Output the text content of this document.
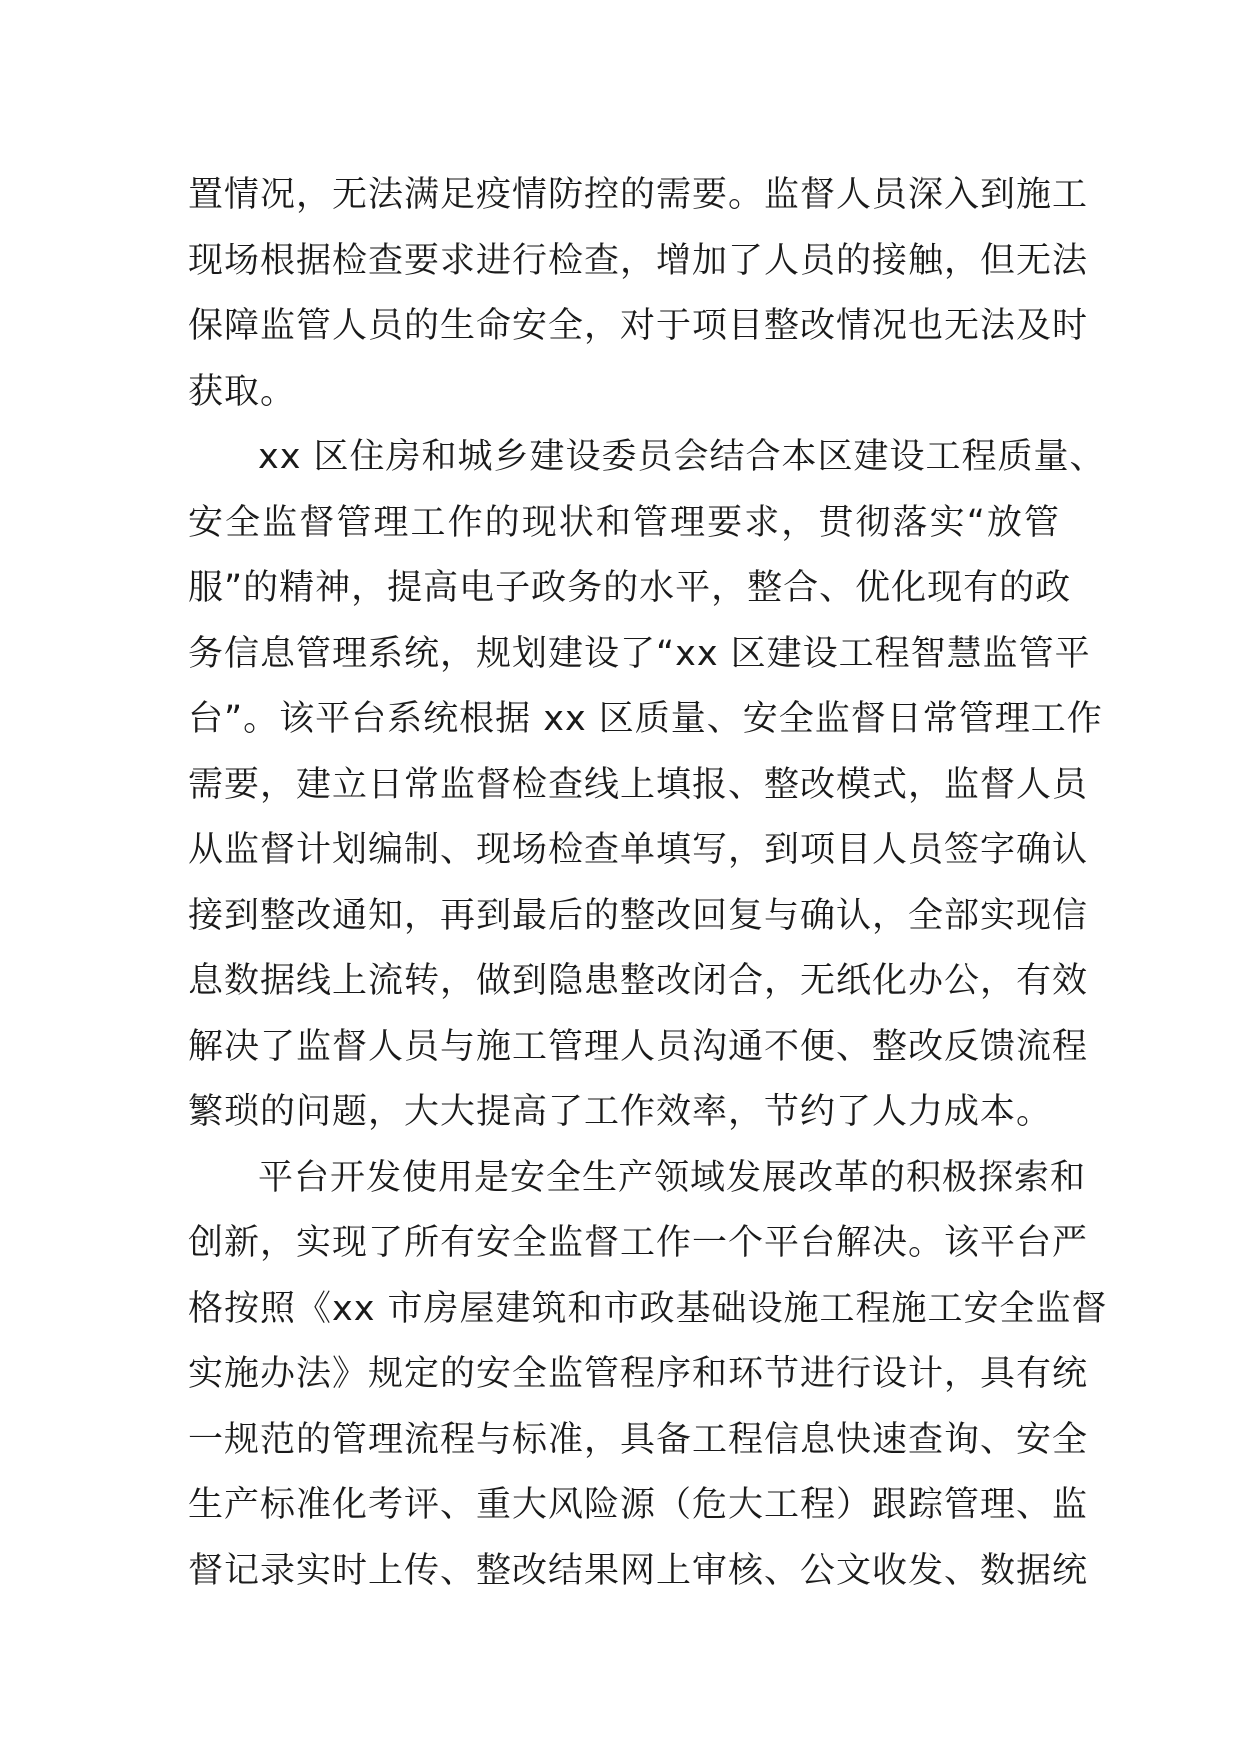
置情况，无法满足疫情防控的需要。监督人员深入到施工
现场根据检查要求进行检查，增加了人员的接触，但无法
保障监管人员的生命安全，对于项目整改情况也无法及时
获取。
xx 区住房和城乡建设委员会结合本区建设工程质量、
安全监督管理工作的现状和管理要求，贯彻落实“放管
服”的精神，提高电子政务的水平，整合、优化现有的政
务信息管理系统，规划建设了“xx 区建设工程智慧监管平
台”。该平台系统根据 xx 区质量、安全监督日常管理工作
需要，建立日常监督检查线上填报、整改模式，监督人员
从监督计划编制、现场检查单填写，到项目人员签字确认
接到整改通知，再到最后的整改回复与确认，全部实现信
息数据线上流转，做到隐患整改闭合，无纸化办公，有效
解决了监督人员与施工管理人员沟通不便、整改反馈流程
繁琐的问题，大大提高了工作效率，节约了人力成本。
平台开发使用是安全生产领域发展改革的积极探索和
创新，实现了所有安全监督工作一个平台解决。该平台严
格按照《xx 市房屋建筑和市政基础设施工程施工安全监督
实施办法》规定的安全监管程序和环节进行设计，具有统
一规范的管理流程与标准，具备工程信息快速查询、安全
生产标准化考评、重大风险源（危大工程）跟踪管理、监
督记录实时上传、整改结果网上审核、公文收发、数据统
